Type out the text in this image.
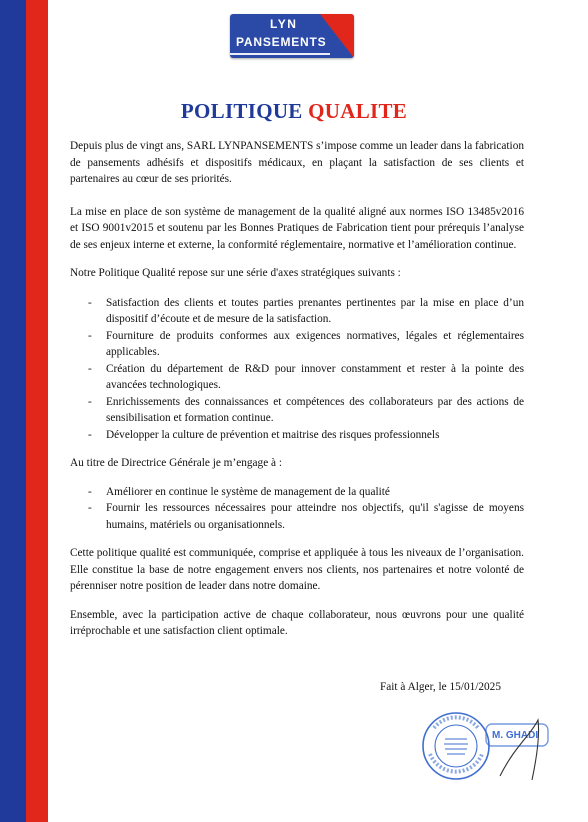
LYN
PANSEMENTS
POLITIQUE QUALITE

Depuis plus de vingt ans, SARL LYNPANSEMENTS s’impose comme un leader dans la fabrication de pansements adhésifs et dispositifs médicaux, en plaçant la satisfaction de ses clients et partenaires au cœur de ses priorités.

La mise en place de son système de management de la qualité aligné aux normes ISO 13485v2016 et ISO 9001v2015 et soutenu par les Bonnes Pratiques de Fabrication tient pour prérequis l’analyse de ses enjeux interne et externe, la conformité réglementaire, normative et l’amélioration continue.

Notre Politique Qualité repose sur une série d'axes stratégiques suivants :

- Satisfaction des clients et toutes parties prenantes pertinentes par la mise en place d’un dispositif d’écoute et de mesure de la satisfaction.
- Fourniture de produits conformes aux exigences normatives, légales et réglementaires applicables.
- Création du département de R&D pour innover constamment et rester à la pointe des avancées technologiques.
- Enrichissements des connaissances et compétences des collaborateurs par des actions de sensibilisation et formation continue.
- Développer la culture de prévention et maitrise des risques professionnels

Au titre de Directrice Générale je m’engage à :

- Améliorer en continue le système de management de la qualité
- Fournir les ressources nécessaires pour atteindre nos objectifs, qu'il s'agisse de moyens humains, matériels ou organisationnels.

Cette politique qualité est communiquée, comprise et appliquée à tous les niveaux de l’organisation. Elle constitue la base de notre engagement envers nos clients, nos partenaires et notre volonté de pérenniser notre position de leader dans notre domaine.

Ensemble, avec la participation active de chaque collaborateur, nous œuvrons pour une qualité irréprochable et une satisfaction client optimale.

Fait à Alger, le 15/01/2025
M. GHADI
